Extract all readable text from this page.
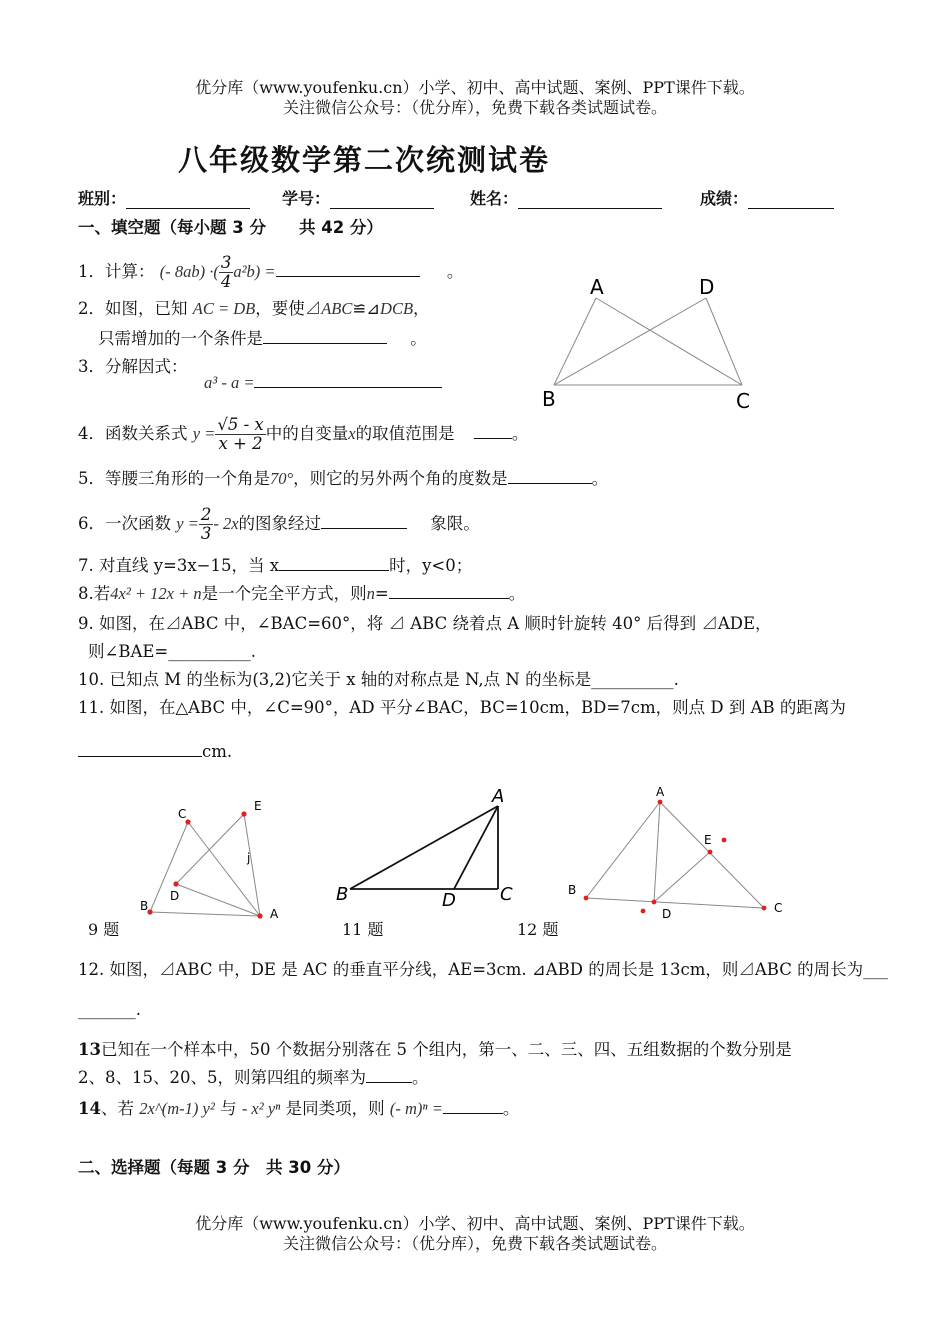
优分库（www.youfenku.cn）小学、初中、高中试题、案例、PPT课件下载。
关注微信公众号：（优分库），免费下载各类试题试卷。
八年级数学第二次统测试卷
班别：	学号：	姓名：	成绩：
一、填空题（每小题 3 分　　共 42 分）
1．计算： (- 8ab) ·( $\frac{3}{4} a^2b$) =	。
2．如图，已知 AC = DB，要使⊿ABC≌⊿DCB，
只需增加的一个条件是	。
3．分解因式：
a³ - a =
A	D
B	C
4．函数关系式 $y = \frac{√5 - x}{x + 2}$ 中的自变量x的取值范围是	。
5．等腰三角形的一个角是70°，则它的另外两个角的度数是	。
6．一次函数 $y = \frac{2}{3} - 2x$的图象经过	象限。
7. 对直线 y=3x−15，当 x	时，y<0；
8.若4x² + 12x + n是一个完全平方式，则n=	。
9. 如图，在⊿ABC 中，∠BAC=60°，将 ⊿ ABC 绕着点 A 顺时针旋转 40° 后得到 ⊿ADE，
则∠BAE=__________.
10. 已知点 M 的坐标为(3,2)它关于 x 轴的对称点是 N,点 N 的坐标是__________.
11. 如图，在△ABC 中，∠C=90°，AD 平分∠BAC，BC=10cm，BD=7cm，则点 D 到 AB 的距离为
cm.
C
E
D
B
A
j
9 题
A
B	C
D
11 题
A
B
C
D
E
12 题
12. 如图，⊿ABC 中，DE 是 AC 的垂直平分线，AE=3cm. ⊿ABD 的周长是 13cm，则⊿ABC 的周长为___
_______.
13已知在一个样本中，50 个数据分别落在 5 个组内，第一、二、三、四、五组数据的个数分别是
2、8、15、20、5，则第四组的频率为	。
14、若 2x^(m-1) y² 与 - x² yⁿ 是同类项，则 (- m)ⁿ =	。
二、选择题（每题 3 分　共 30 分）
优分库（www.youfenku.cn）小学、初中、高中试题、案例、PPT课件下载。
关注微信公众号：（优分库），免费下载各类试题试卷。
